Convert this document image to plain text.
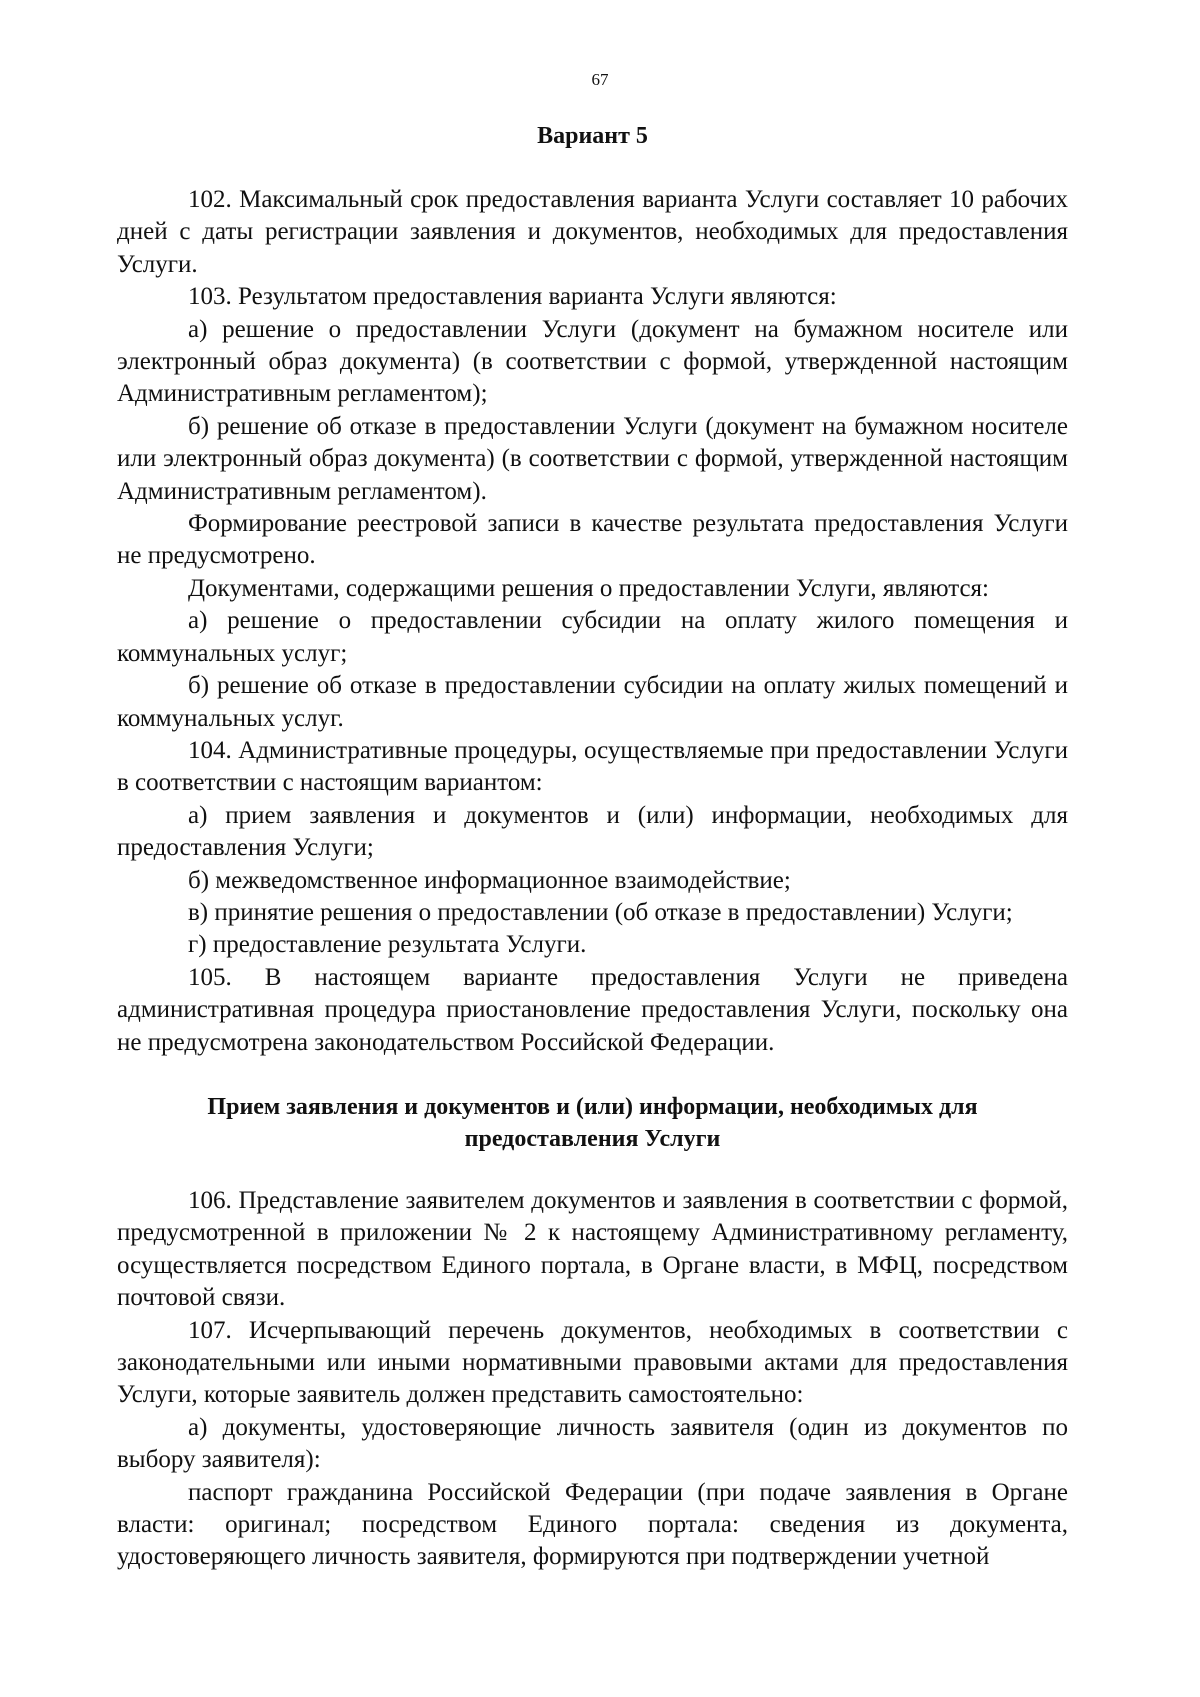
67
Вариант 5

102. Максимальный срок предоставления варианта Услуги составляет 10 рабочих дней с даты регистрации заявления и документов, необходимых для предоставления Услуги.

103. Результатом предоставления варианта Услуги являются:

а) решение о предоставлении Услуги (документ на бумажном носителе или электронный образ документа) (в соответствии с формой, утвержденной настоящим Административным регламентом);

б) решение об отказе в предоставлении Услуги (документ на бумажном носителе или электронный образ документа) (в соответствии с формой, утвержденной настоящим Административным регламентом).

Формирование реестровой записи в качестве результата предоставления Услуги не предусмотрено.

Документами, содержащими решения о предоставлении Услуги, являются:

а) решение о предоставлении субсидии на оплату жилого помещения и коммунальных услуг;

б) решение об отказе в предоставлении субсидии на оплату жилых помещений и коммунальных услуг.

104. Административные процедуры, осуществляемые при предоставлении Услуги в соответствии с настоящим вариантом:

а) прием заявления и документов и (или) информации, необходимых для предоставления Услуги;

б) межведомственное информационное взаимодействие;

в) принятие решения о предоставлении (об отказе в предоставлении) Услуги;

г) предоставление результата Услуги.

105. В настоящем варианте предоставления Услуги не приведена административная процедура приостановление предоставления Услуги, поскольку она не предусмотрена законодательством Российской Федерации.

Прием заявления и документов и (или) информации, необходимых для
предоставления Услуги

106. Представление заявителем документов и заявления в соответствии с формой, предусмотренной в приложении № 2 к настоящему Административному регламенту, осуществляется посредством Единого портала, в Органе власти, в МФЦ, посредством почтовой связи.

107. Исчерпывающий перечень документов, необходимых в соответствии с законодательными или иными нормативными правовыми актами для предоставления Услуги, которые заявитель должен представить самостоятельно:

а) документы, удостоверяющие личность заявителя (один из документов по выбору заявителя):

паспорт гражданина Российской Федерации (при подаче заявления в Органе власти: оригинал; посредством Единого портала: сведения из документа, удостоверяющего личность заявителя, формируются при подтверждении учетной
